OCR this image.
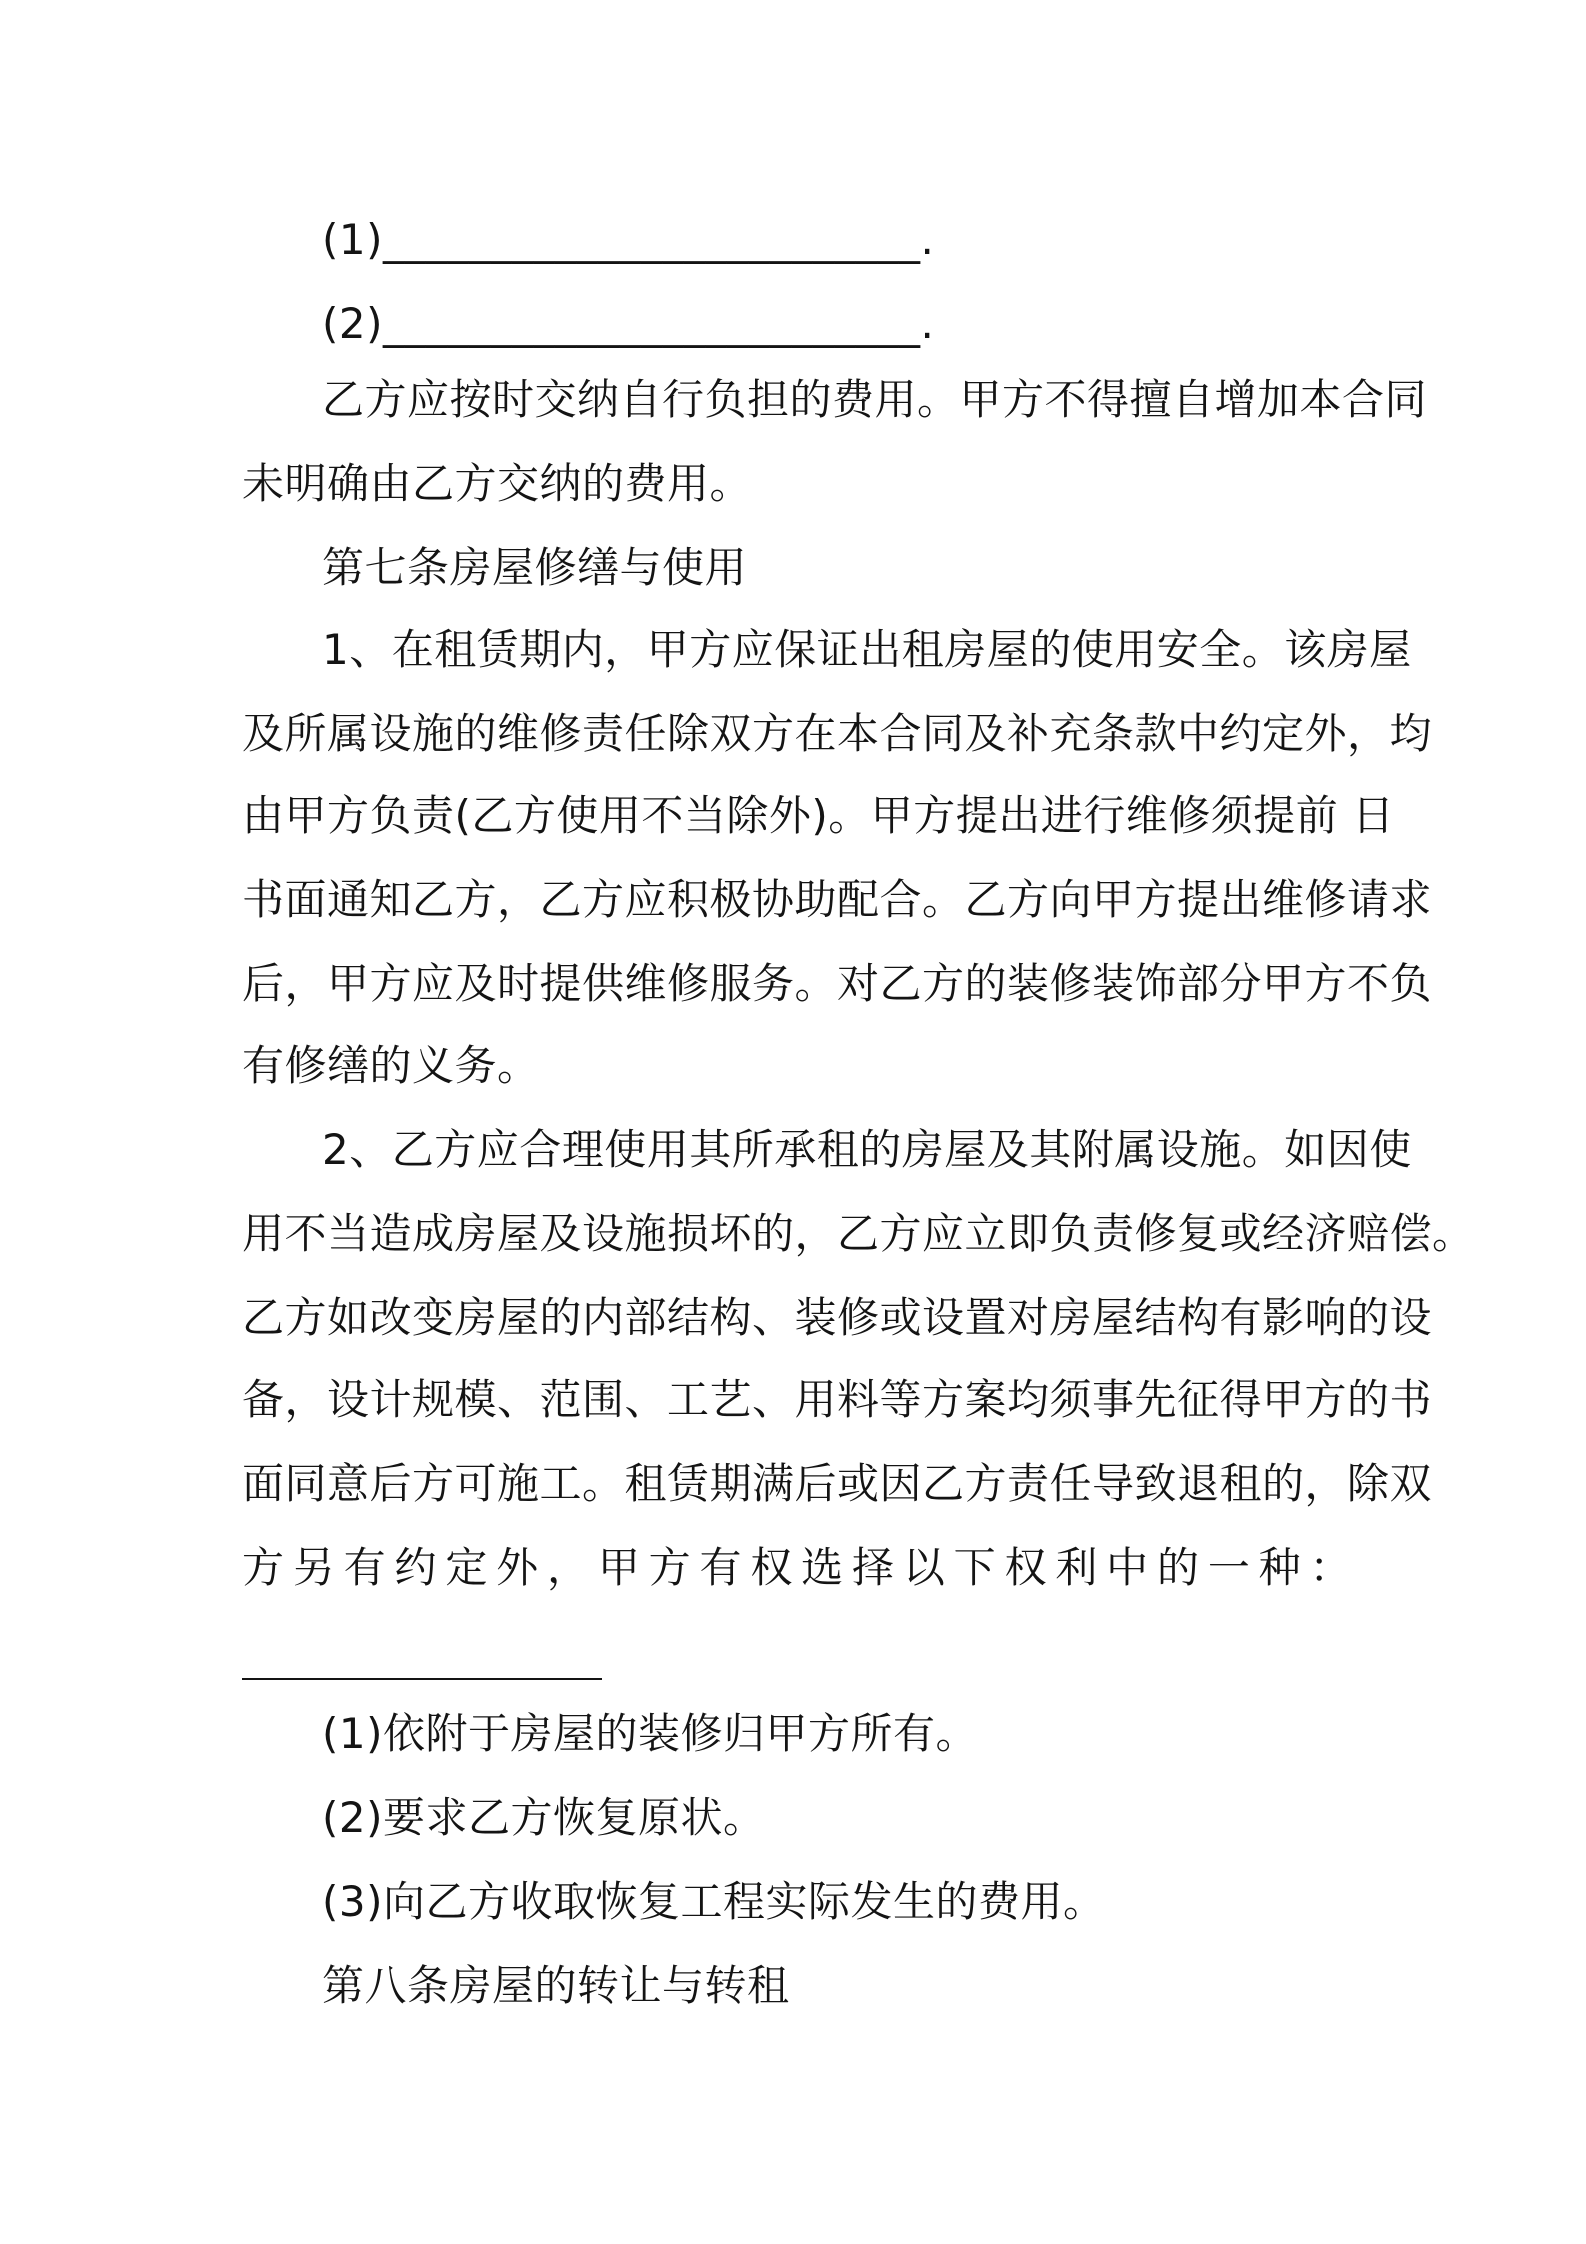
(1)_________________________.
(2)_________________________.
乙方应按时交纳自行负担的费用。甲方不得擅自增加本合同
未明确由乙方交纳的费用。
第七条房屋修缮与使用
1、在租赁期内，甲方应保证出租房屋的使用安全。该房屋
及所属设施的维修责任除双方在本合同及补充条款中约定外，均
由甲方负责(乙方使用不当除外)。甲方提出进行维修须提前 日
书面通知乙方，乙方应积极协助配合。乙方向甲方提出维修请求
后，甲方应及时提供维修服务。对乙方的装修装饰部分甲方不负
有修缮的义务。
2、乙方应合理使用其所承租的房屋及其附属设施。如因使
用不当造成房屋及设施损坏的，乙方应立即负责修复或经济赔偿。
乙方如改变房屋的内部结构、装修或设置对房屋结构有影响的设
备，设计规模、范围、工艺、用料等方案均须事先征得甲方的书
面同意后方可施工。租赁期满后或因乙方责任导致退租的，除双
方另有约定外，甲方有权选择以下权利中的一种：
(1)依附于房屋的装修归甲方所有。
(2)要求乙方恢复原状。
(3)向乙方收取恢复工程实际发生的费用。
第八条房屋的转让与转租
